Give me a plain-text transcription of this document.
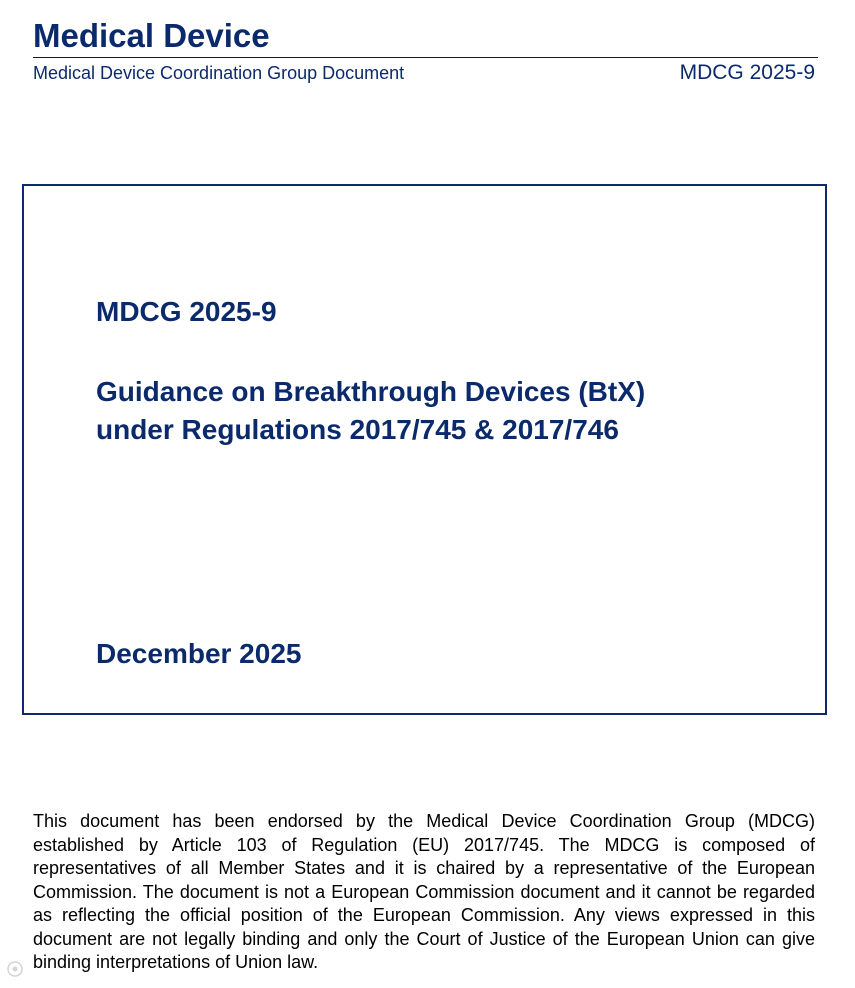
Medical Device
Medical Device Coordination Group Document	MDCG 2025-9
MDCG 2025-9
Guidance on Breakthrough Devices (BtX)
under Regulations 2017/745 & 2017/746
December 2025
This document has been endorsed by the Medical Device Coordination Group (MDCG) established by Article 103 of Regulation (EU) 2017/745. The MDCG is composed of representatives of all Member States and it is chaired by a representative of the European Commission. The document is not a European Commission document and it cannot be regarded as reflecting the official position of the European Commission. Any views expressed in this document are not legally binding and only the Court of Justice of the European Union can give binding interpretations of Union law.
